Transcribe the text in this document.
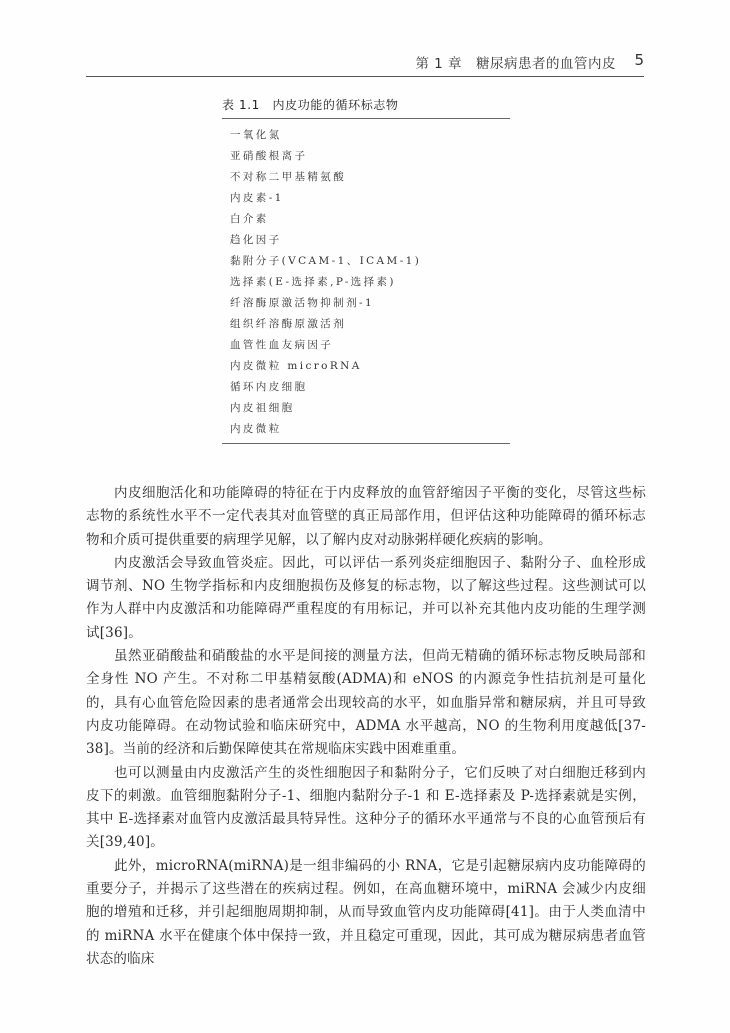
第 1 章　糖尿病患者的血管内皮 5
表 1.1　内皮功能的循环标志物
一氧化氮
亚硝酸根离子
不对称二甲基精氨酸
内皮素-1
白介素
趋化因子
黏附分子(VCAM-1、ICAM-1)
选择素(E-选择素,P-选择素)
纤溶酶原激活物抑制剂-1
组织纤溶酶原激活剂
血管性血友病因子
内皮微粒 microRNA
循环内皮细胞
内皮祖细胞
内皮微粒

内皮细胞活化和功能障碍的特征在于内皮释放的血管舒缩因子平衡的变化，尽管这些标志物的系统性水平不一定代表其对血管壁的真正局部作用，但评估这种功能障碍的循环标志物和介质可提供重要的病理学见解，以了解内皮对动脉粥样硬化疾病的影响。

内皮激活会导致血管炎症。因此，可以评估一系列炎症细胞因子、黏附分子、血栓形成调节剂、NO 生物学指标和内皮细胞损伤及修复的标志物，以了解这些过程。这些测试可以作为人群中内皮激活和功能障碍严重程度的有用标记，并可以补充其他内皮功能的生理学测试[36]。

虽然亚硝酸盐和硝酸盐的水平是间接的测量方法，但尚无精确的循环标志物反映局部和全身性 NO 产生。不对称二甲基精氨酸(ADMA)和 eNOS 的内源竞争性拮抗剂是可量化的，具有心血管危险因素的患者通常会出现较高的水平，如血脂异常和糖尿病，并且可导致内皮功能障碍。在动物试验和临床研究中，ADMA 水平越高，NO 的生物利用度越低[37-38]。当前的经济和后勤保障使其在常规临床实践中困难重重。

也可以测量由内皮激活产生的炎性细胞因子和黏附分子，它们反映了对白细胞迁移到内皮下的刺激。血管细胞黏附分子-1、细胞内黏附分子-1 和 E-选择素及 P-选择素就是实例，其中 E-选择素对血管内皮激活最具特异性。这种分子的循环水平通常与不良的心血管预后有关[39,40]。

此外，microRNA(miRNA)是一组非编码的小 RNA，它是引起糖尿病内皮功能障碍的重要分子，并揭示了这些潜在的疾病过程。例如，在高血糖环境中，miRNA 会减少内皮细胞的增殖和迁移，并引起细胞周期抑制，从而导致血管内皮功能障碍[41]。由于人类血清中的 miRNA 水平在健康个体中保持一致，并且稳定可重现，因此，其可成为糖尿病患者血管状态的临床
